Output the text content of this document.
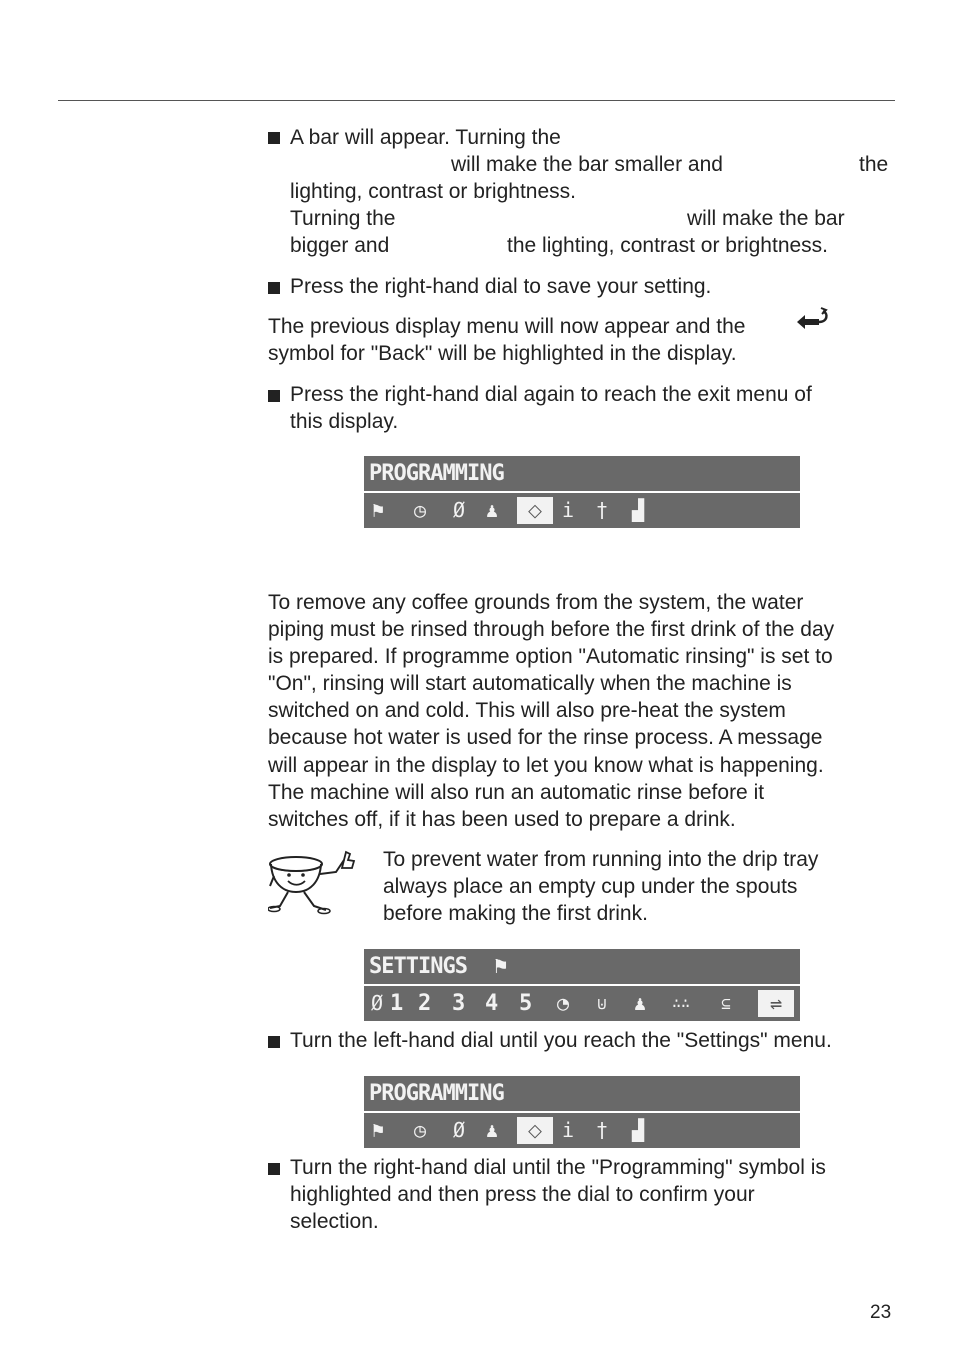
A bar will appear. Turning the
will make the bar smaller and	the
lighting, contrast or brightness.
Turning the	will make the bar
bigger and	the lighting, contrast or brightness.
Press the right-hand dial to save your setting.
The previous display menu will now appear and the
symbol for "Back" will be highlighted in the display.
Press the right-hand dial again to reach the exit menu of
this display.
PROGRAMMING
⚑	◷	Ø ♟	⬦ i † ▟
To remove any coffee grounds from the system, the water
piping must be rinsed through before the first drink of the day
is prepared. If programme option "Automatic rinsing" is set to
"On", rinsing will start automatically when the machine is
switched on and cold. This will also pre-heat the system
because hot water is used for the rinse process. A message
will appear in the display to let you know what is happening.
The machine will also run an automatic rinse before it
switches off, if it has been used to prepare a drink.
To prevent water from running into the drip tray
always place an empty cup under the spouts
before making the first drink.
SETTINGS ⚑
Ø 1 2 3 4 5 ◔	⊍ ♟	∴∴	⊆	⇌
Turn the left-hand dial until you reach the "Settings" menu.
PROGRAMMING
⚑	◷	Ø ♟	⬦ i † ▟
Turn the right-hand dial until the "Programming" symbol is
highlighted and then press the dial to confirm your
selection.
23
